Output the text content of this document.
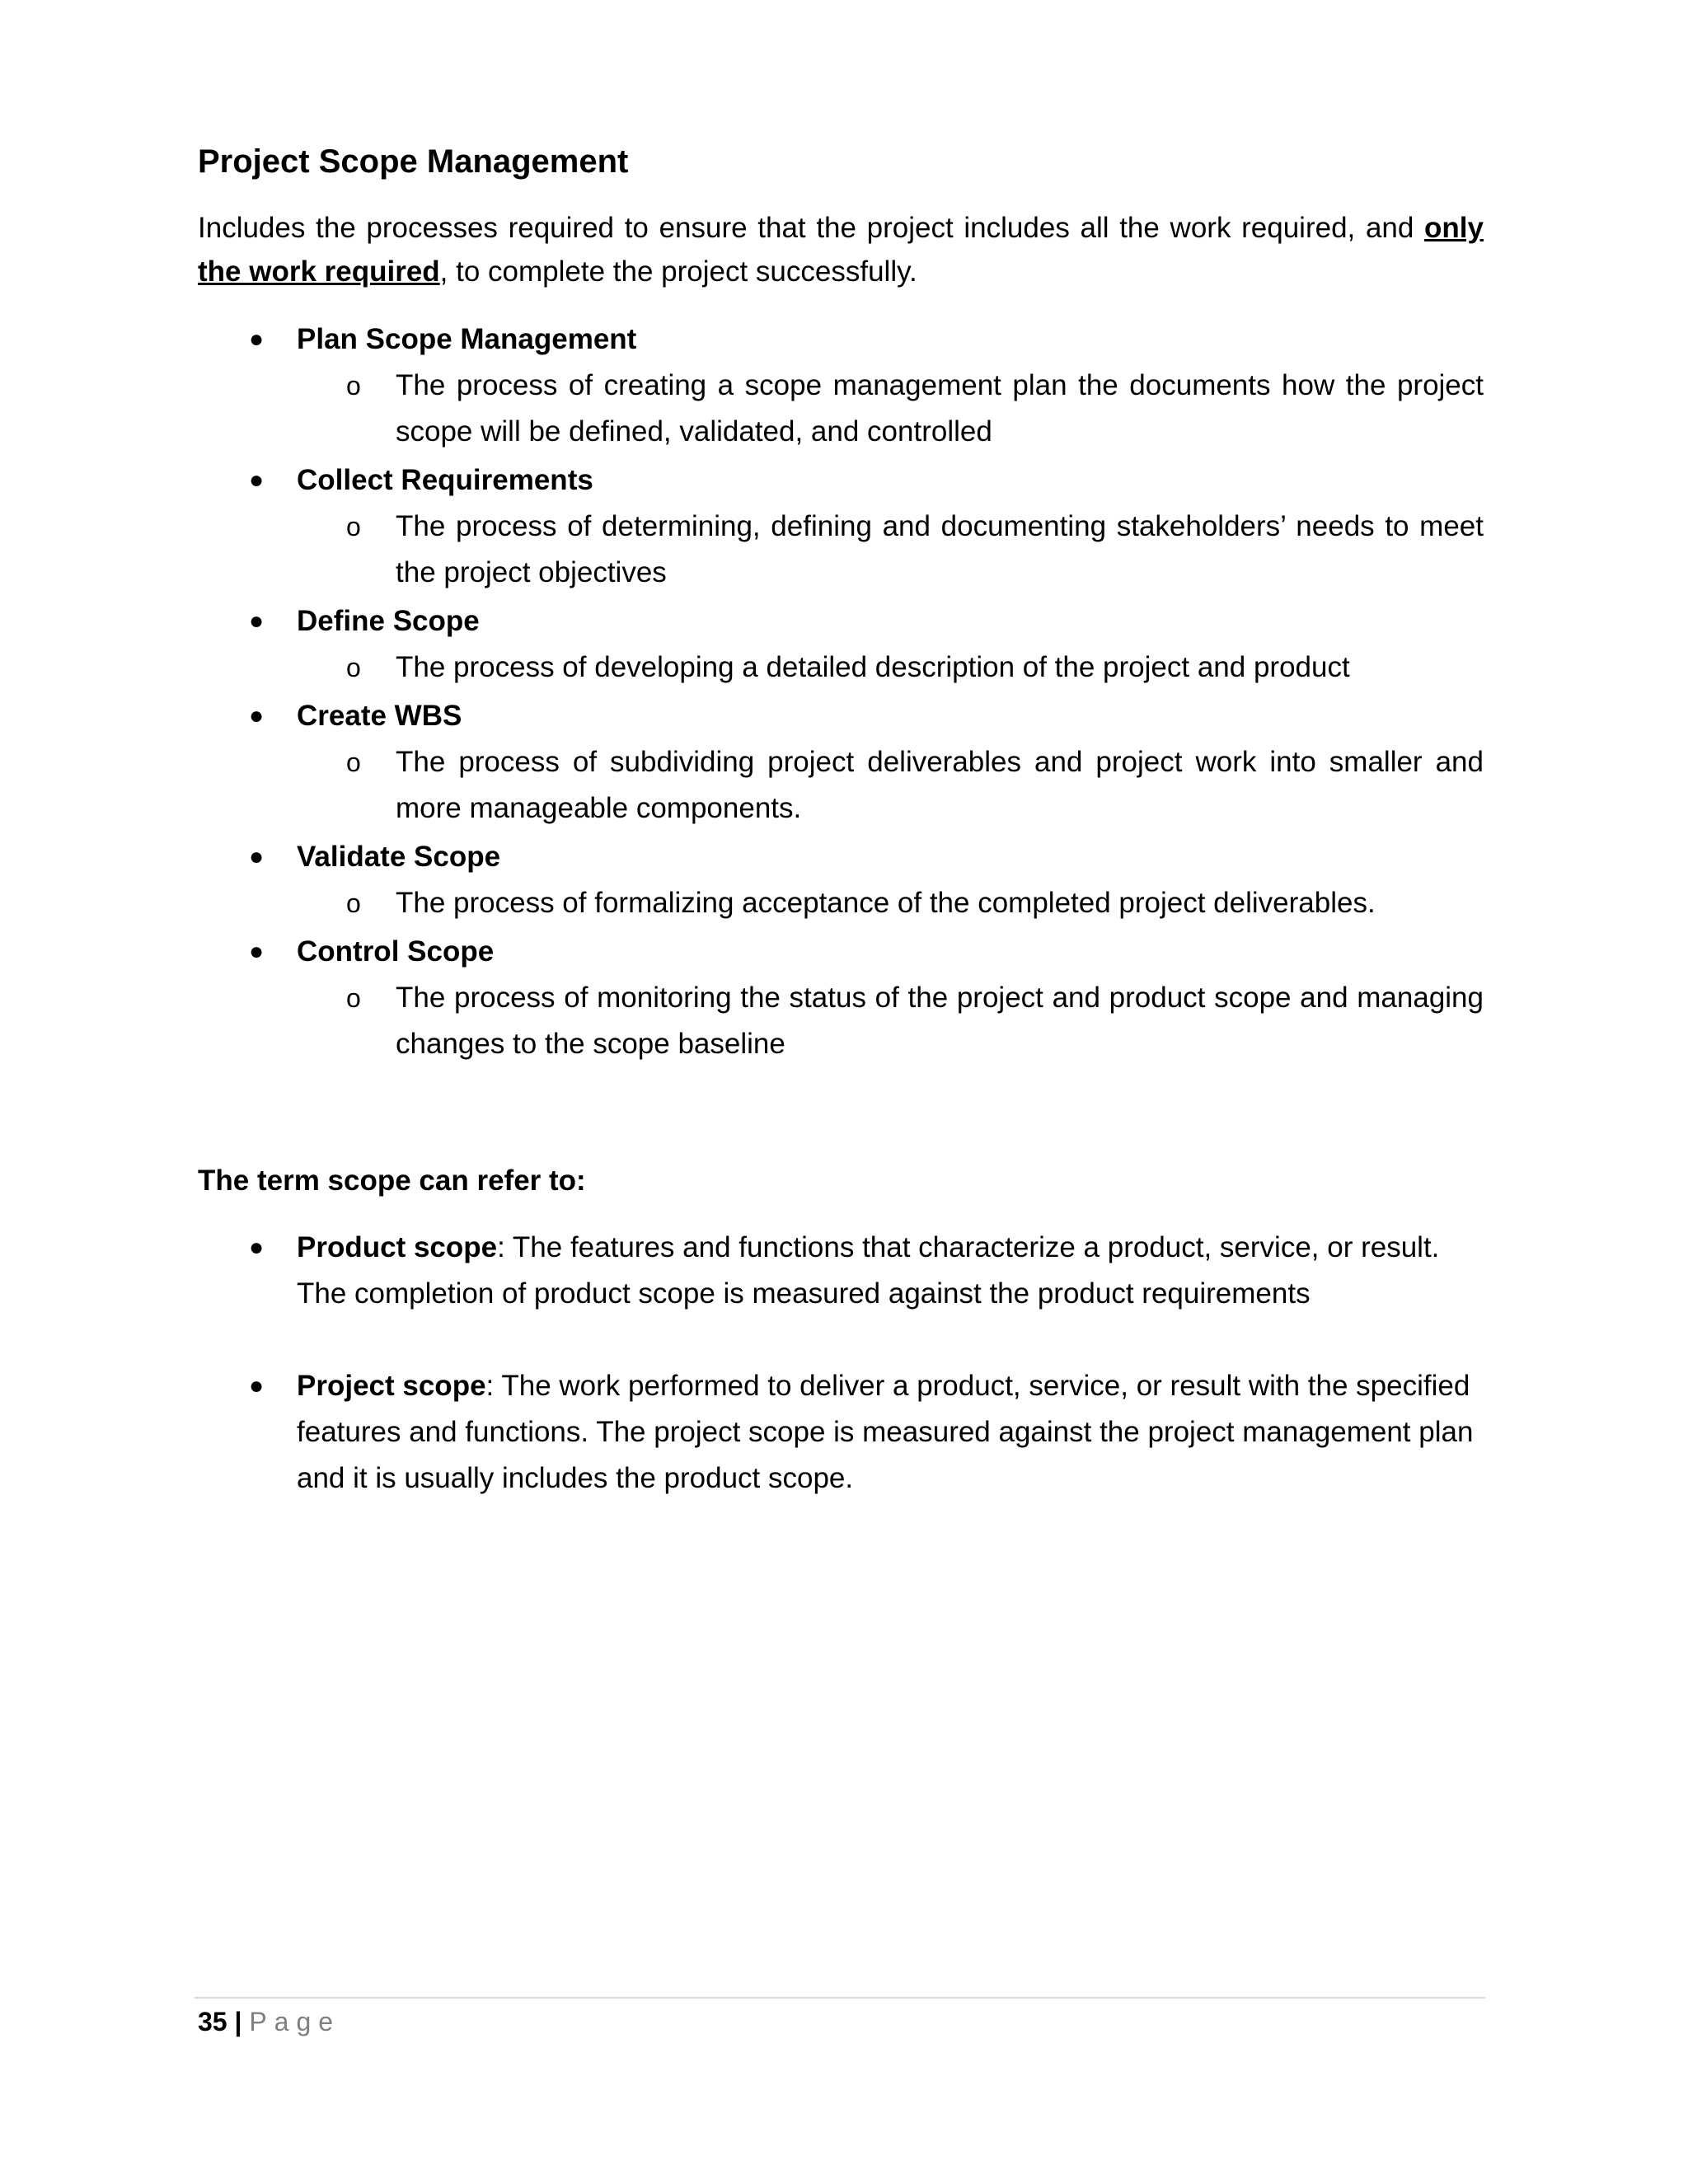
Project Scope Management

Includes the processes required to ensure that the project includes all the work required, and only the work required, to complete the project successfully.

● Plan Scope Management

o The process of creating a scope management plan the documents how the project scope will be defined, validated, and controlled

● Collect Requirements

o The process of determining, defining and documenting stakeholders’ needs to meet the project objectives

● Define Scope

o The process of developing a detailed description of the project and product

● Create WBS

o The process of subdividing project deliverables and project work into smaller and more manageable components.

● Validate Scope

o The process of formalizing acceptance of the completed project deliverables.

● Control Scope

o The process of monitoring the status of the project and product scope and managing changes to the scope baseline

The term scope can refer to:

● Product scope: The features and functions that characterize a product, service, or result. The completion of product scope is measured against the product requirements
● Project scope: The work performed to deliver a product, service, or result with the specified features and functions. The project scope is measured against the project management plan and it is usually includes the product scope.

35 | Page
